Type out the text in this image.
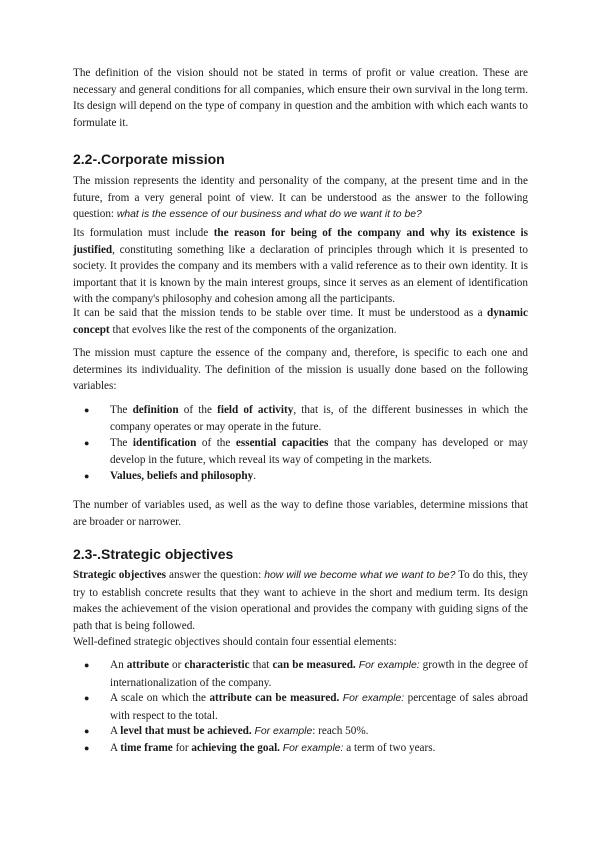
The definition of the vision should not be stated in terms of profit or value creation. These are necessary and general conditions for all companies, which ensure their own survival in the long term. Its design will depend on the type of company in question and the ambition with which each wants to formulate it.
2.2-.Corporate mission
The mission represents the identity and personality of the company, at the present time and in the future, from a very general point of view. It can be understood as the answer to the following question: what is the essence of our business and what do we want it to be?
Its formulation must include the reason for being of the company and why its existence is justified, constituting something like a declaration of principles through which it is presented to society. It provides the company and its members with a valid reference as to their own identity. It is important that it is known by the main interest groups, since it serves as an element of identification with the company's philosophy and cohesion among all the participants.
It can be said that the mission tends to be stable over time. It must be understood as a dynamic concept that evolves like the rest of the components of the organization.
The mission must capture the essence of the company and, therefore, is specific to each one and determines its individuality. The definition of the mission is usually done based on the following variables:
● The definition of the field of activity, that is, of the different businesses in which the company operates or may operate in the future.
● The identification of the essential capacities that the company has developed or may develop in the future, which reveal its way of competing in the markets.
● Values, beliefs and philosophy.
The number of variables used, as well as the way to define those variables, determine missions that are broader or narrower.
2.3-.Strategic objectives
Strategic objectives answer the question: how will we become what we want to be? To do this, they try to establish concrete results that they want to achieve in the short and medium term. Its design makes the achievement of the vision operational and provides the company with guiding signs of the path that is being followed.
Well-defined strategic objectives should contain four essential elements:
● An attribute or characteristic that can be measured. For example: growth in the degree of internationalization of the company.
● A scale on which the attribute can be measured. For example: percentage of sales abroad with respect to the total.
● A level that must be achieved. For example: reach 50%.
● A time frame for achieving the goal. For example: a term of two years.
